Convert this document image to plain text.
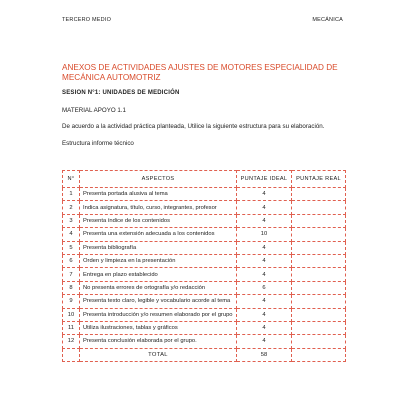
TERCERO MEDIO	MECÁNICA
ANEXOS DE ACTIVIDADES AJUSTES DE MOTORES ESPECIALIDAD DE MECÁNICA AUTOMOTRIZ
SESION N°1: UNIDADES DE MEDICIÓN
MATERIAL APOYO 1.1
De acuerdo a la actividad práctica planteada, Utilice la siguiente estructura para su elaboración.
Estructura informe técnico
N°	ASPECTOS	PUNTAJE IDEAL	PUNTAJE REAL
1	Presenta portada alusiva al tema	4	
2	Indica asignatura, título, curso, integrantes, profesor	4	
3	Presenta índice de los contenidos	4	
4	Presenta una extensión adecuada a los contenidos	10	
5	Presenta bibliografía	4	
6	Orden y limpieza en la presentación	4	
7	Entrega en plazo establecido	4	
8	No presenta errores de ortografía y/o redacción	6	
9	Presenta texto claro, legible y vocabulario acorde al tema	4	
10	Presenta introducción y/o resumen elaborado por el grupo	4	
11	Utiliza ilustraciones, tablas y gráficos	4	
12	Presenta conclusión elaborada por el grupo.	4	
	TOTAL	58	
